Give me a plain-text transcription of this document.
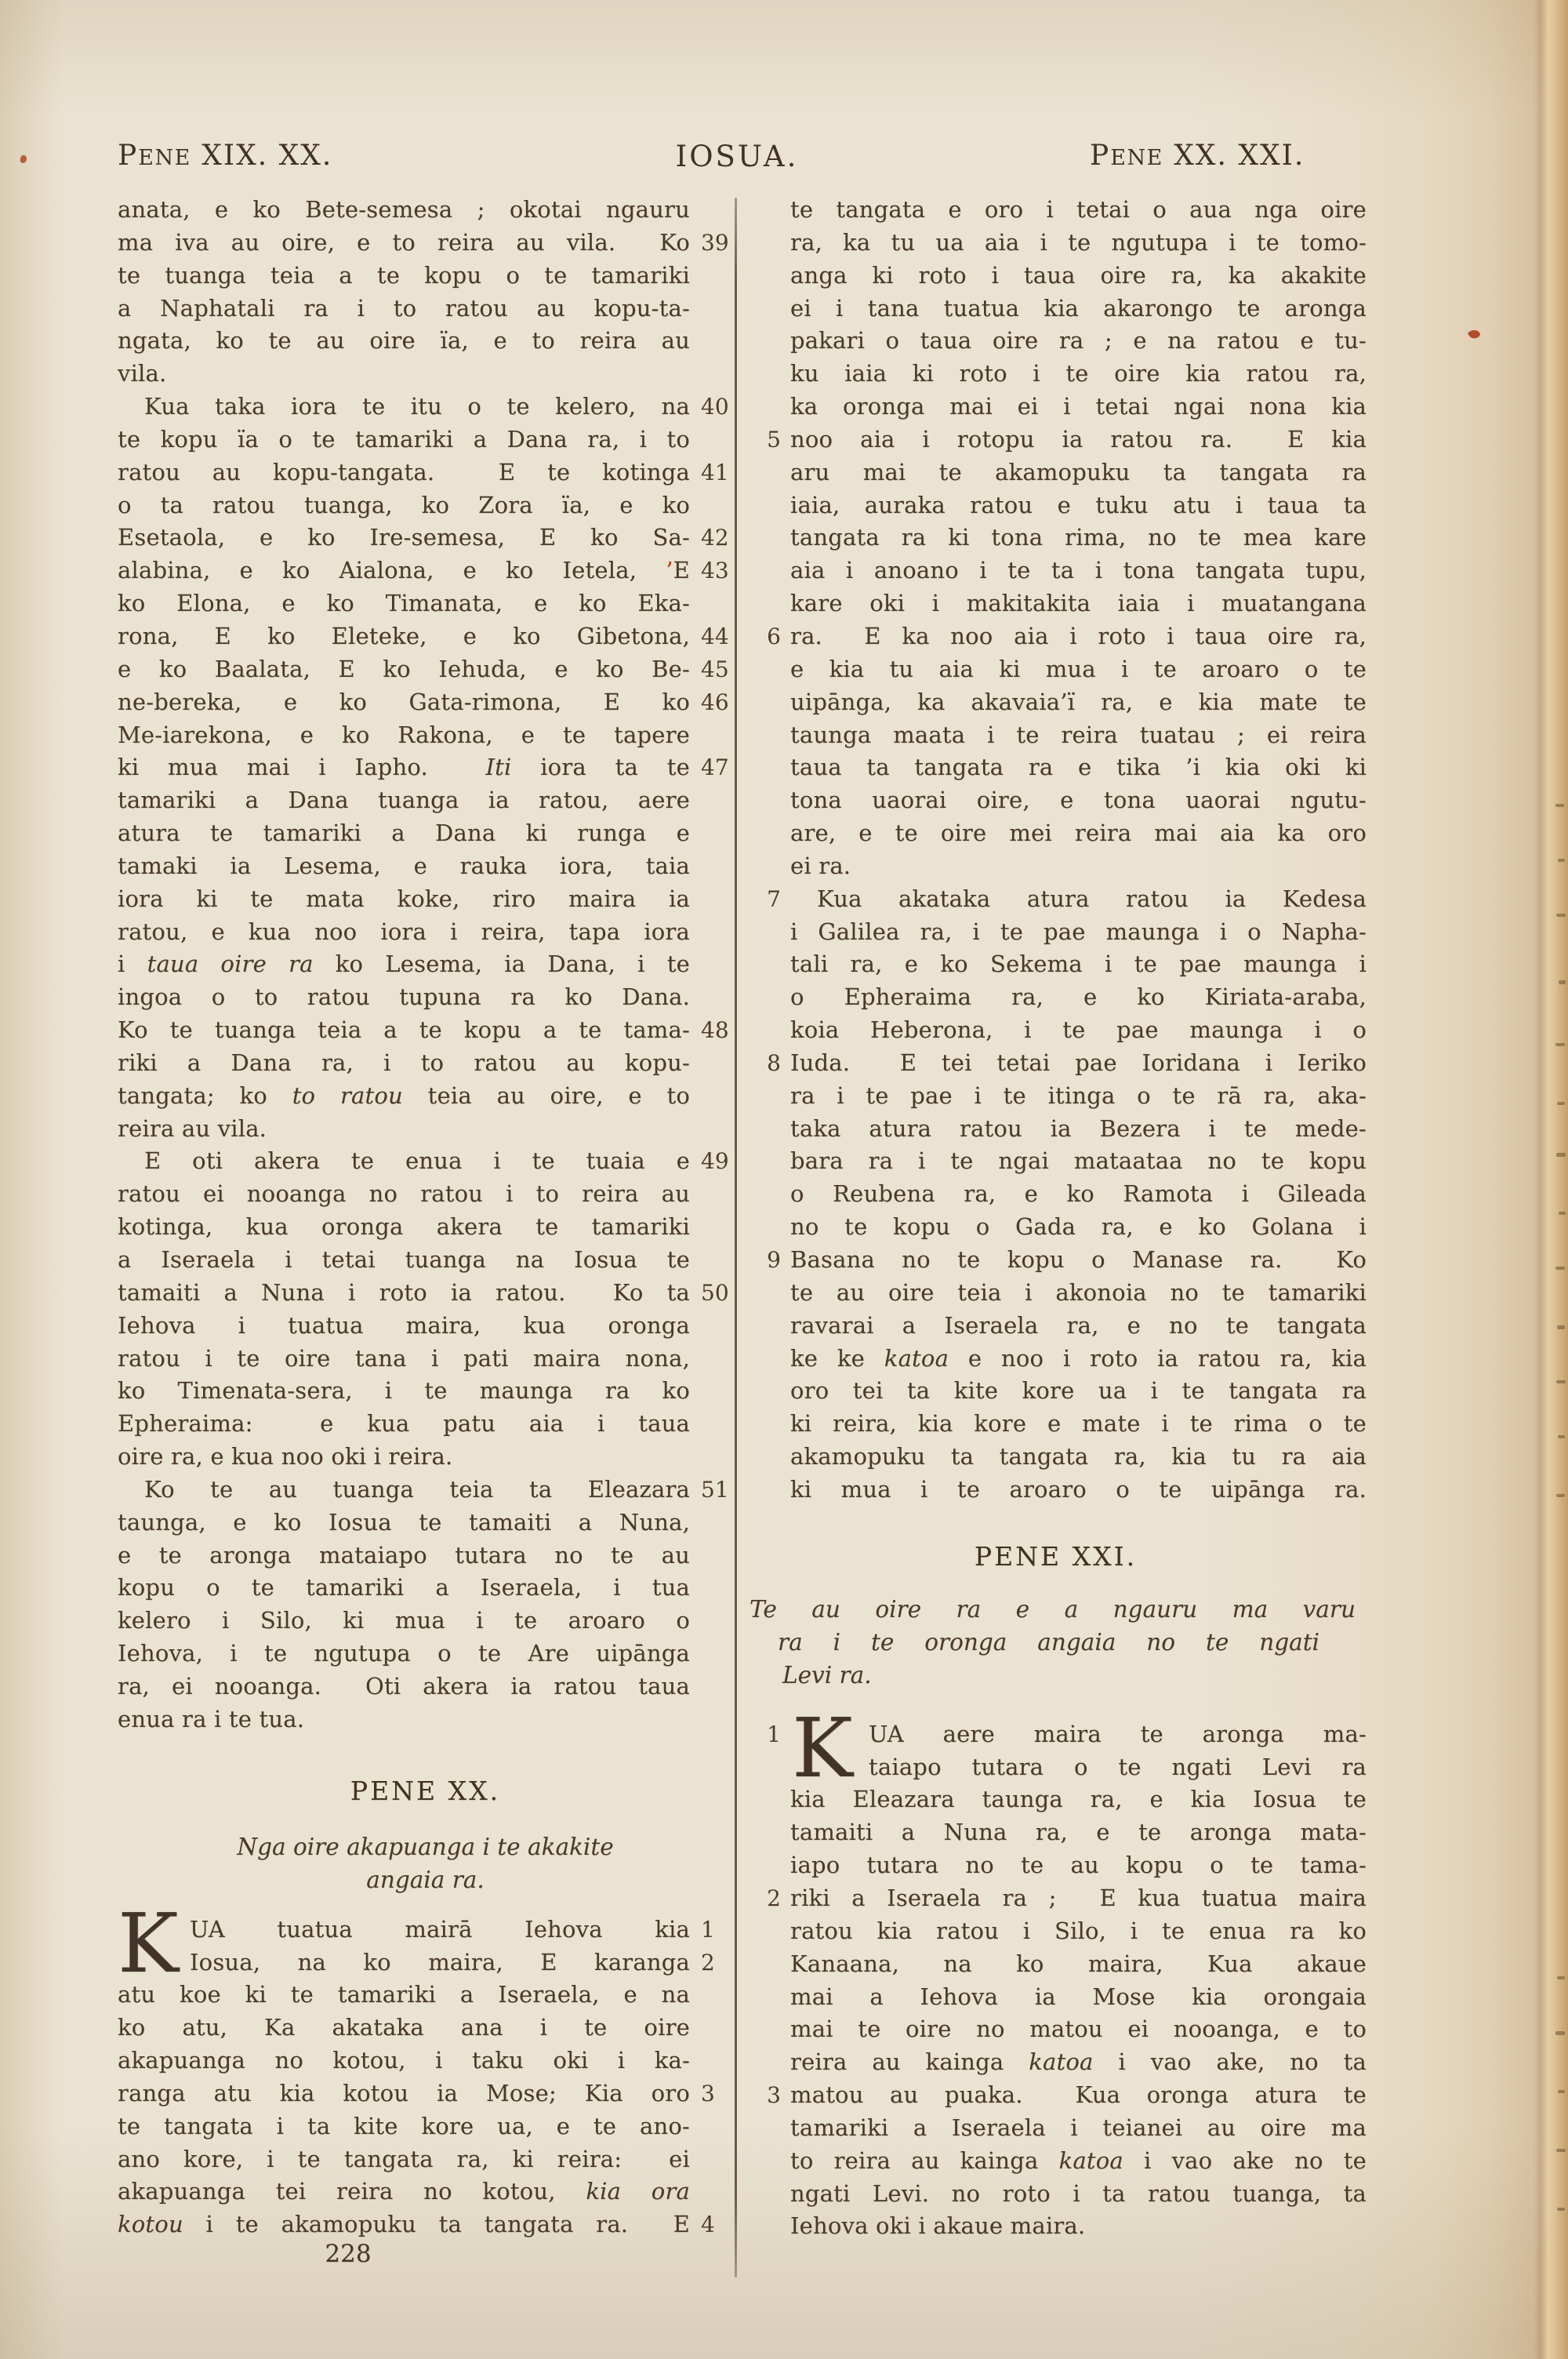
PENE XIX. XX.	IOSUA.	PENE XX. XXI.
anata, e ko Bete-semesa ; okotai ngauru
ma iva au oire, e to reira au vila.  Ko 39
te tuanga teia a te kopu o te tamariki
a Naphatali ra i to ratou au kopu-ta-
ngata, ko te au oire ïa, e to reira au
vila.
Kua taka iora te itu o te kelero, na 40
te kopu ïa o te tamariki a Dana ra, i to
ratou au kopu-tangata.  E te kotinga 41
o ta ratou tuanga, ko Zora ïa, e ko
Esetaola, e ko Ire-semesa, E ko Sa- 42
alabina, e ko Aialona, e ko Ietela, ’E 43
ko Elona, e ko Timanata, e ko Eka-
rona, E ko Eleteke, e ko Gibetona, 44
e ko Baalata, E ko Iehuda, e ko Be- 45
ne-bereka, e ko Gata-rimona, E ko 46
Me-iarekona, e ko Rakona, e te tapere
ki mua mai i Iapho.  Iti iora ta te 47
tamariki a Dana tuanga ia ratou, aere
atura te tamariki a Dana ki runga e
tamaki ia Lesema, e rauka iora, taia
iora ki te mata koke, riro maira ia
ratou, e kua noo iora i reira, tapa iora
i taua oire ra ko Lesema, ia Dana, i te
ingoa o to ratou tupuna ra ko Dana.
Ko te tuanga teia a te kopu a te tama- 48
riki a Dana ra, i to ratou au kopu-
tangata; ko to ratou teia au oire, e to
reira au vila.
E oti akera te enua i te tuaia e 49
ratou ei nooanga no ratou i to reira au
kotinga, kua oronga akera te tamariki
a Iseraela i tetai tuanga na Iosua te
tamaiti a Nuna i roto ia ratou.  Ko ta 50
Iehova i tuatua maira, kua oronga
ratou i te oire tana i pati maira nona,
ko Timenata-sera, i te maunga ra ko
Epheraima:  e kua patu aia i taua
oire ra, e kua noo oki i reira.
Ko te au tuanga teia ta Eleazara 51
taunga, e ko Iosua te tamaiti a Nuna,
e te aronga mataiapo tutara no te au
kopu o te tamariki a Iseraela, i tua
kelero i Silo, ki mua i te aroaro o
Iehova, i te ngutupa o te Are uipānga
ra, ei nooanga.  Oti akera ia ratou taua
enua ra i te tua.
PENE XX.
Nga oire akapuanga i te akakite
angaia ra.
K UA tuatua mairā Iehova kia 1
Iosua, na ko maira, E karanga 2
atu koe ki te tamariki a Iseraela, e na
ko atu, Ka akataka ana i te oire
akapuanga no kotou, i taku oki i ka-
ranga atu kia kotou ia Mose; Kia oro 3
te tangata i ta kite kore ua, e te ano-
ano kore, i te tangata ra, ki reira:  ei
akapuanga tei reira no kotou, kia ora
kotou i te akamopuku ta tangata ra.  E 4
te tangata e oro i tetai o aua nga oire
ra, ka tu ua aia i te ngutupa i te tomo-
anga ki roto i taua oire ra, ka akakite
ei i tana tuatua kia akarongo te aronga
pakari o taua oire ra ; e na ratou e tu-
ku iaia ki roto i te oire kia ratou ra,
ka oronga mai ei i tetai ngai nona kia
5 noo aia i rotopu ia ratou ra.  E kia
aru mai te akamopuku ta tangata ra
iaia, auraka ratou e tuku atu i taua ta
tangata ra ki tona rima, no te mea kare
aia i anoano i te ta i tona tangata tupu,
kare oki i makitakita iaia i muatangana
6 ra.  E ka noo aia i roto i taua oire ra,
e kia tu aia ki mua i te aroaro o te
uipānga, ka akavaia’ï ra, e kia mate te
taunga maata i te reira tuatau ; ei reira
taua ta tangata ra e tika ’i kia oki ki
tona uaorai oire, e tona uaorai ngutu-
are, e te oire mei reira mai aia ka oro
ei ra.
7	Kua akataka atura ratou ia Kedesa
i Galilea ra, i te pae maunga i o Napha-
tali ra, e ko Sekema i te pae maunga i
o Epheraima ra, e ko Kiriata-araba,
koia Heberona, i te pae maunga i o
8 Iuda.  E tei tetai pae Ioridana i Ieriko
ra i te pae i te itinga o te rā ra, aka-
taka atura ratou ia Bezera i te mede-
bara ra i te ngai mataataa no te kopu
o Reubena ra, e ko Ramota i Gileada
no te kopu o Gada ra, e ko Golana i
9 Basana no te kopu o Manase ra.  Ko
te au oire teia i akonoia no te tamariki
ravarai a Iseraela ra, e no te tangata
ke ke katoa e noo i roto ia ratou ra, kia
oro tei ta kite kore ua i te tangata ra
ki reira, kia kore e mate i te rima o te
akamopuku ta tangata ra, kia tu ra aia
ki mua i te aroaro o te uipānga ra.
PENE XXI.
Te au oire ra e a ngauru ma varu
ra i te oronga angaia no te ngati
Levi ra.
K
1	UA aere maira te aronga ma-
taiapo tutara o te ngati Levi ra
kia Eleazara taunga ra, e kia Iosua te
tamaiti a Nuna ra, e te aronga mata-
iapo tutara no te au kopu o te tama-
2 riki a Iseraela ra ;  E kua tuatua maira
ratou kia ratou i Silo, i te enua ra ko
Kanaana, na ko maira, Kua akaue
mai a Iehova ia Mose kia orongaia
mai te oire no matou ei nooanga, e to
reira au kainga katoa i vao ake, no ta
3 matou au puaka.  Kua oronga atura te
tamariki a Iseraela i teianei au oire ma
to reira au kainga katoa i vao ake no te
ngati Levi. no roto i ta ratou tuanga, ta
Iehova oki i akaue maira.
228
